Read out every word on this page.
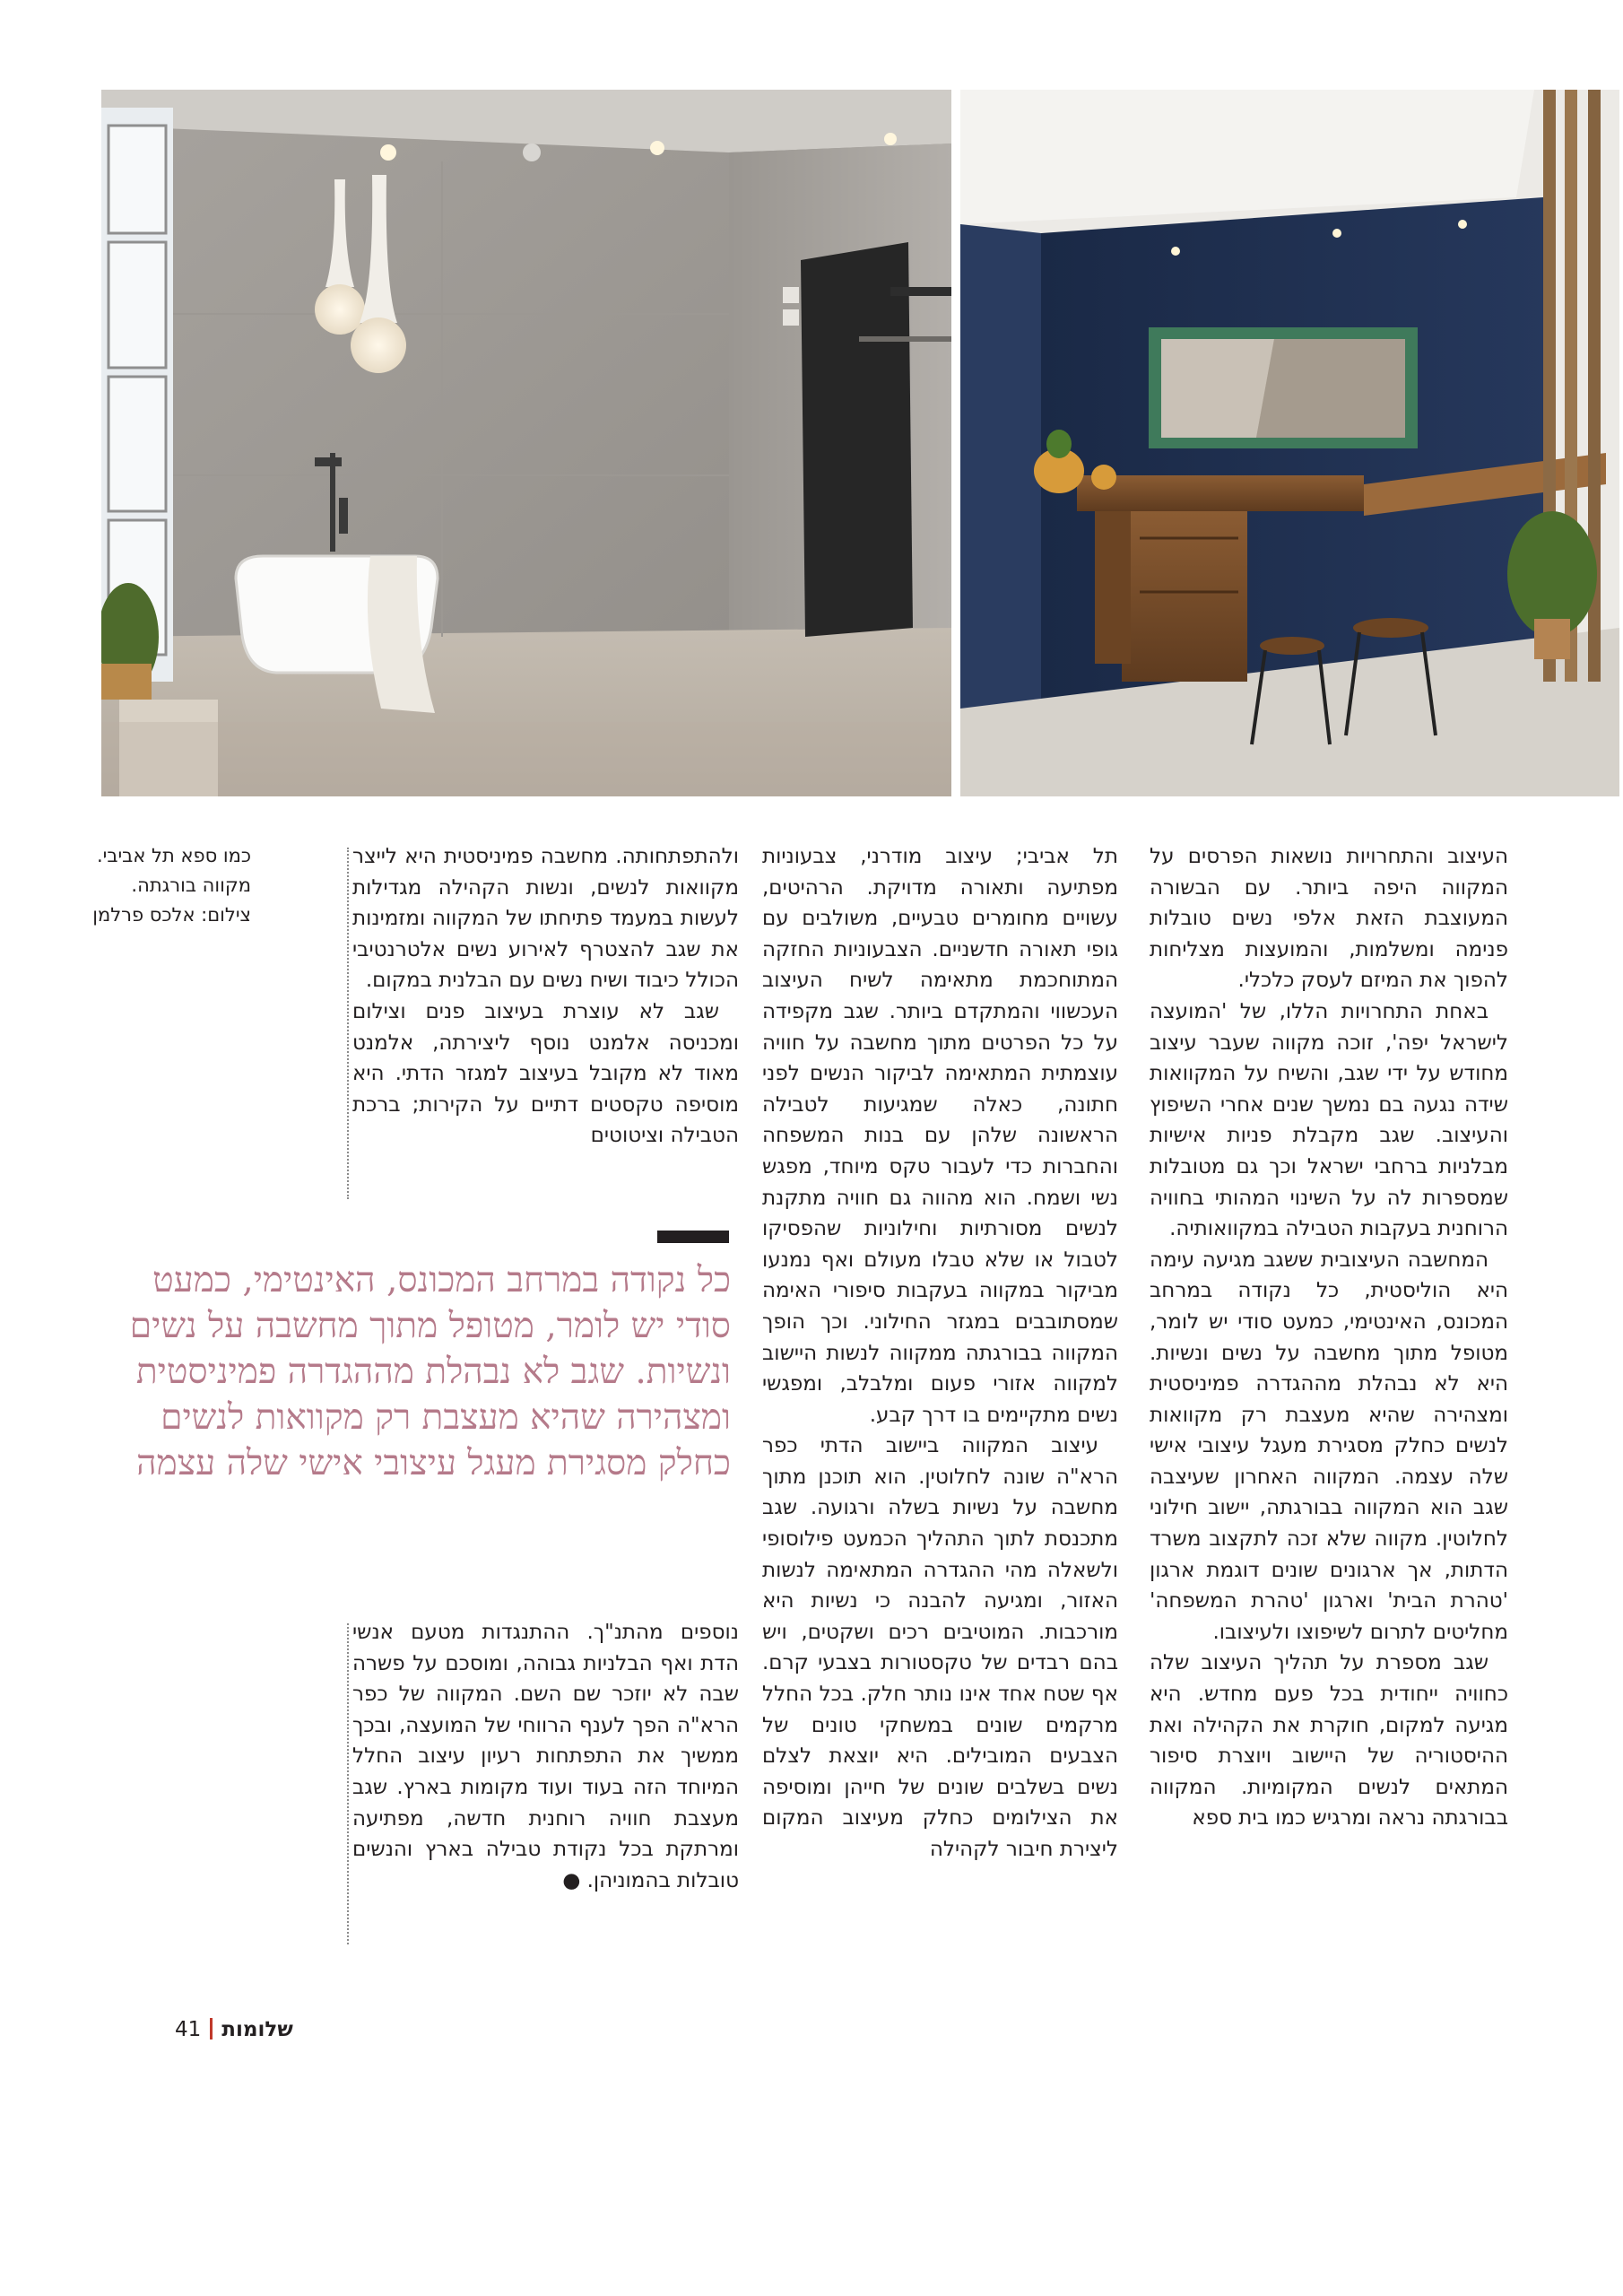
העיצוב והתחרויות נושאות הפרסים על המקווה היפה ביותר. עם הבשורה המעוצבת הזאת אלפי נשים טובלות פנימה ומשלמות, והמועצות מצליחות להפוך את המיזם לעסק כלכלי.

באחת התחרויות הללו, של 'המועצה לישראל יפה', זוכה מקווה שעבר עיצוב מחודש על ידי שגב, והשיח על המקוואות שידה נגעה בם נמשך שנים אחרי השיפוץ והעיצוב. שגב מקבלת פניות אישיות מבלניות ברחבי ישראל וכך גם מטובלות שמספרות לה על השינוי המהותי בחוויה הרוחנית בעקבות הטבילה במקוואותיה.

המחשבה העיצובית ששגב מגיעה עימה היא הוליסטית, כל נקודה במרחב המכונס, האינטימי, כמעט סודי יש לומר, מטופל מתוך מחשבה על נשים ונשיות. היא לא נבהלת מההגדרה פמיניסטית ומצהירה שהיא מעצבת רק מקוואות לנשים כחלק מסגירת מעגל עיצובי אישי שלה עצמה. המקווה האחרון שעיצבה שגב הוא המקווה בבורגתה, יישוב חילוני לחלוטין. מקווה שלא זכה לתקצוב משרד הדתות, אך ארגונים שונים דוגמת ארגון 'טהרת הבית' וארגון 'טהרת המשפחה' מחליטים לתרום לשיפוצו ולעיצובו.

שגב מספרת על תהליך העיצוב שלה כחוויה ייחודית בכל פעם מחדש. היא מגיעה למקום, חוקרת את הקהילה ואת ההיסטוריה של היישוב ויוצרת סיפור המתאים לנשים המקומיות. המקווה בבורגתה נראה ומרגיש כמו בית ספא

תל אביבי; עיצוב מודרני, צבעוניות מפתיעה ותאורה מדויקת. הרהיטים, עשויים מחומרים טבעיים, משולבים עם גופי תאורה חדשניים. הצבעוניות החזקה המתוחכמת מתאימה לשיח העיצוב העכשווי והמתקדם ביותר. שגב מקפידה על כל הפרטים מתוך מחשבה על חוויה עוצמתית המתאימה לביקור הנשים לפני חתונה, כאלה שמגיעות לטבילה הראשונה שלהן עם בנות המשפחה והחברות כדי לעבור טקס מיוחד, מפגש נשי ושמח. הוא מהווה גם חוויה מתקנת לנשים מסורתיות וחילוניות שהפסיקו לטבול או שלא טבלו מעולם ואף נמנעו מביקור במקווה בעקבות סיפורי האימה שמסתובבים במגזר החילוני. וכך הופך המקווה בבורגתה ממקווה לנשות היישוב למקווה אזורי פעום ומלבלב, ומפגשי נשים מתקיימים בו דרך קבע.

עיצוב המקווה ביישוב הדתי כפר הרא"ה שונה לחלוטין. הוא תוכנן מתוך מחשבה על נשיות בשלה ורגועה. שגב מתכנסת לתוך התהליך הכמעט פילוסופי ולשאלה מהי ההגדרה המתאימה לנשות האזור, ומגיעה להבנה כי נשיות היא מורכבות. המוטיבים רכים ושקטים, ויש בהם רבדים של טקסטורות בצבעי קרם. אף שטח אחד אינו נותר חלק. בכל החלל מרקמים שונים במשחקי טונים של הצבעים המובילים. היא יוצאת לצלם נשים בשלבים שונים של חייהן ומוסיפה את הצילומים כחלק מעיצוב המקום ליצירת חיבור לקהילה

ולהתפתחותה. מחשבה פמיניסטית היא לייצר מקוואות לנשים, ונשות הקהילה מגדילות לעשות במעמד פתיחתו של המקווה ומזמינות את שגב להצטרף לאירוע נשים אלטרנטיבי הכולל כיבוד ושיח נשים עם הבלנית במקום.

שגב לא עוצרת בעיצוב פנים וצילום ומכניסה אלמנט נוסף ליצירתה, אלמנט מאוד לא מקובל בעיצוב למגזר הדתי. היא מוסיפה טקסטים דתיים על הקירות; ברכת הטבילה וציטוטים

כל נקודה במרחב המכונס, האינטימי, כמעט סודי יש לומר, מטופל מתוך מחשבה על נשים ונשיות. שגב לא נבהלת מההגדרה פמיניסטית ומצהירה שהיא מעצבת רק מקוואות לנשים כחלק מסגירת מעגל עיצובי אישי שלה עצמה

נוספים מהתנ"ך. ההתנגדות מטעם אנשי הדת ואף הבלניות גבוהה, ומוסכם על פשרה שבה לא יוזכר שם השם. המקווה של כפר הרא"ה הפך לענף הרווחי של המועצה, ובכך ממשיך את התפתחות רעיון עיצוב החלל המיוחד הזה בעוד ועוד מקומות בארץ. שגב מעצבת חוויה רוחנית חדשה, מפתיעה ומרתקת בכל נקודת טבילה בארץ והנשים טובלות בהמוניהן. ●

כמו ספא תל אביבי.
מקווה בורגתה.
צילום: אלכס פרלמן
שלומות41
